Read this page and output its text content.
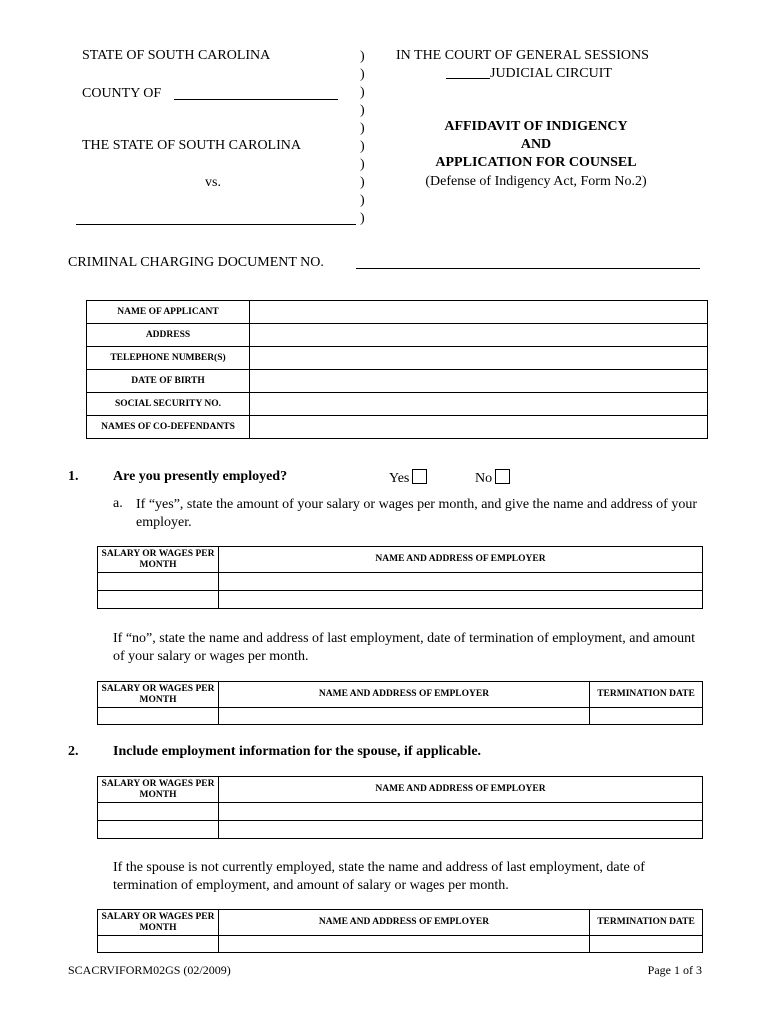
STATE OF SOUTH CAROLINA
COUNTY OF
THE STATE OF SOUTH CAROLINA
vs.
)
)
)
)
)
)
)
)
)
)
IN THE COURT OF GENERAL SESSIONS
JUDICIAL CIRCUIT
AFFIDAVIT OF INDIGENCY
AND
APPLICATION FOR COUNSEL
(Defense of Indigency Act, Form No.2)
CRIMINAL CHARGING DOCUMENT NO.
NAME OF APPLICANT	
ADDRESS	
TELEPHONE NUMBER(S)	
DATE OF BIRTH	
SOCIAL SECURITY NO.	
NAMES OF CO-DEFENDANTS	
1. Are you presently employed?	Yes	No
a. If “yes”, state the amount of your salary or wages per month, and give the name and address of your employer.
SALARY OR WAGES PER MONTH	NAME AND ADDRESS OF EMPLOYER

If “no”, state the name and address of last employment, date of termination of employment, and amount of your salary or wages per month.
SALARY OR WAGES PER MONTH	NAME AND ADDRESS OF EMPLOYER	TERMINATION DATE

2. Include employment information for the spouse, if applicable.
SALARY OR WAGES PER MONTH	NAME AND ADDRESS OF EMPLOYER

If the spouse is not currently employed, state the name and address of last employment, date of termination of employment, and amount of salary or wages per month.
SALARY OR WAGES PER MONTH	NAME AND ADDRESS OF EMPLOYER	TERMINATION DATE

SCACRVIFORM02GS (02/2009)	Page 1 of 3
